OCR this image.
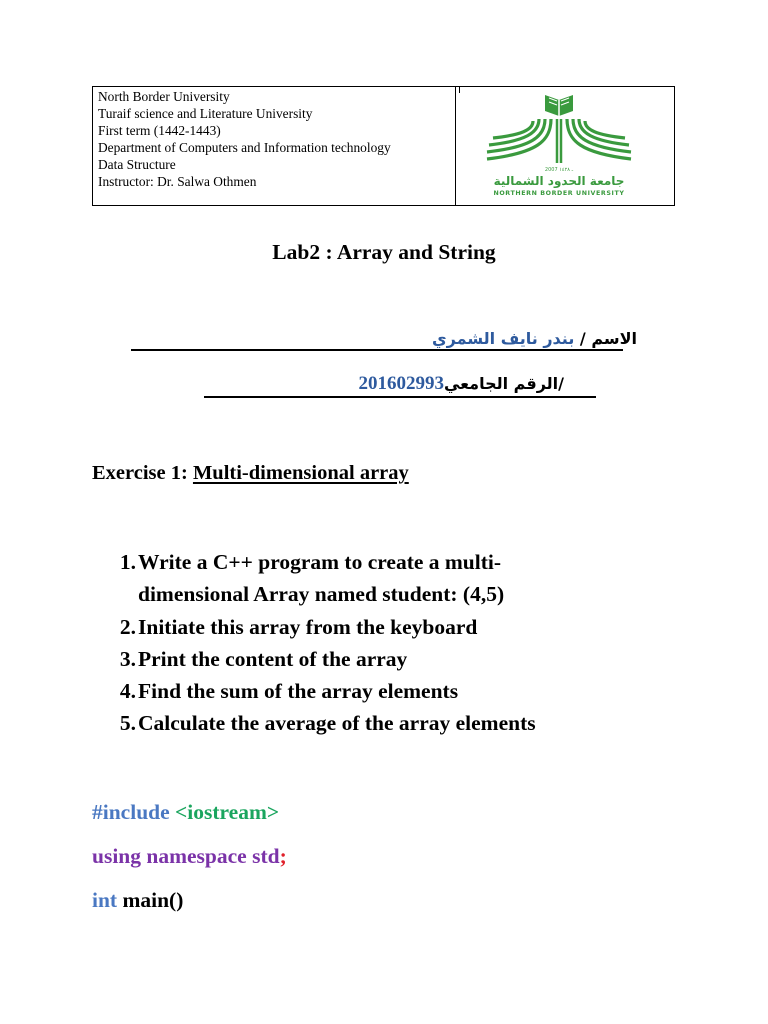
North Border University
Turaif science and Literature University
First term (1442-1443)
Department of Computers and Information technology
Data Structure
Instructor: Dr. Salwa Othmen
2007 ـ ١٤٢٨
جامعة الحدود الشمالية
NORTHERN BORDER UNIVERSITY
Lab2 : Array and String
الاسم / بندر نايف الشمري
/الرقم الجامعي201602993
Exercise 1: Multi-dimensional array
1. Write a C++ program to create a multi-
dimensional Array named student: (4,5)
2. Initiate this array from the keyboard
3. Print the content of the array
4. Find the sum of the array elements
5. Calculate the average of the array elements
#include <iostream>
using namespace std;
int main()
